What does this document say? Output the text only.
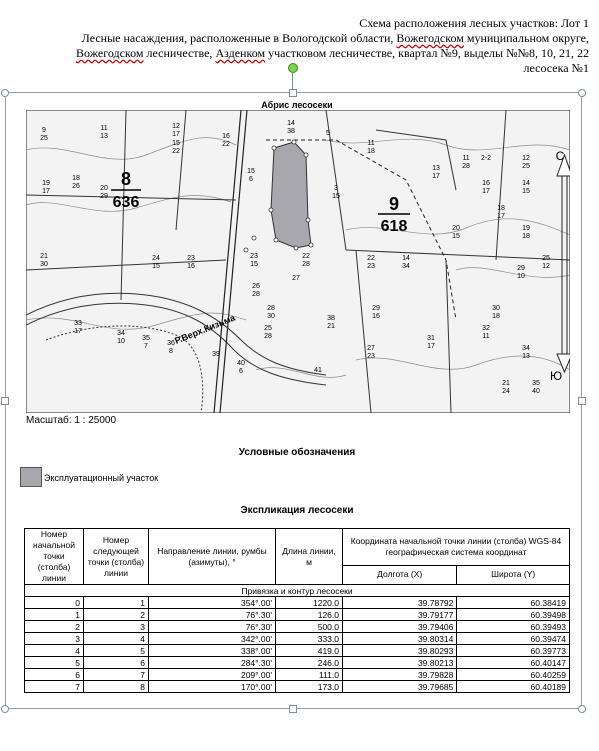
Схема расположения лесных участков: Лот 1
Лесные насаждения, расположенные в Вологодской области, Вожегодском муниципальном округе,
Вожегодском лесничестве, Азденком участковом лесничестве, квартал №9, выделы №№8, 10, 21, 22
лесосека №1
Абрис лесосеки
С
Ю
8
636	9
618
Р.Верх.Кизьма
9 25
11 13
12 17	16 22
19 17
18 26	20 29
21 30
24 15
23 16
26 28
28 30
33 17	34 10 35 7	36 8
14 38
15 6
23 15
22 28
25 28
27
39
40 6	41
38 21
3 15
11 18
22 23
29 16
27 23
14 34
13 17
11 28
12 25
14 15
16 17
18 17
20 15
19 18
25 12
29 10
30 18
31 17
32 11
34 13
35 40
21 24
15 22
2-2
5
Масштаб: 1 : 25000
Условные обозначения
Эксплуатационный участок
Экспликация лесосеки
Номер начальной точки (столба) линии	Номер следующей точки (столба) линии	Направление линии, румбы (азимуты), °	Длина линии, м	Координата начальной точки линии (столба) WGS-84 географическая система координат	
				Долгота (X)	Широта (Y)
Привязка и контур лесосеки					
0	1	354°.00'	1220.0	39.78792	60.38419
1	2	76°.30'	126.0	39.79177	60.39498
2	3	76°.30'	500.0	39.79406	60.39493
3	4	342°.00'	333.0	39.80314	60.39474
4	5	338°.00'	419.0	39.80293	60.39773
5	6	284°.30'	246.0	39.80213	60.40147
6	7	209°.00'	111.0	39.79828	60.40259
7	8	170°.00'	173.0	39.79685	60.40189
